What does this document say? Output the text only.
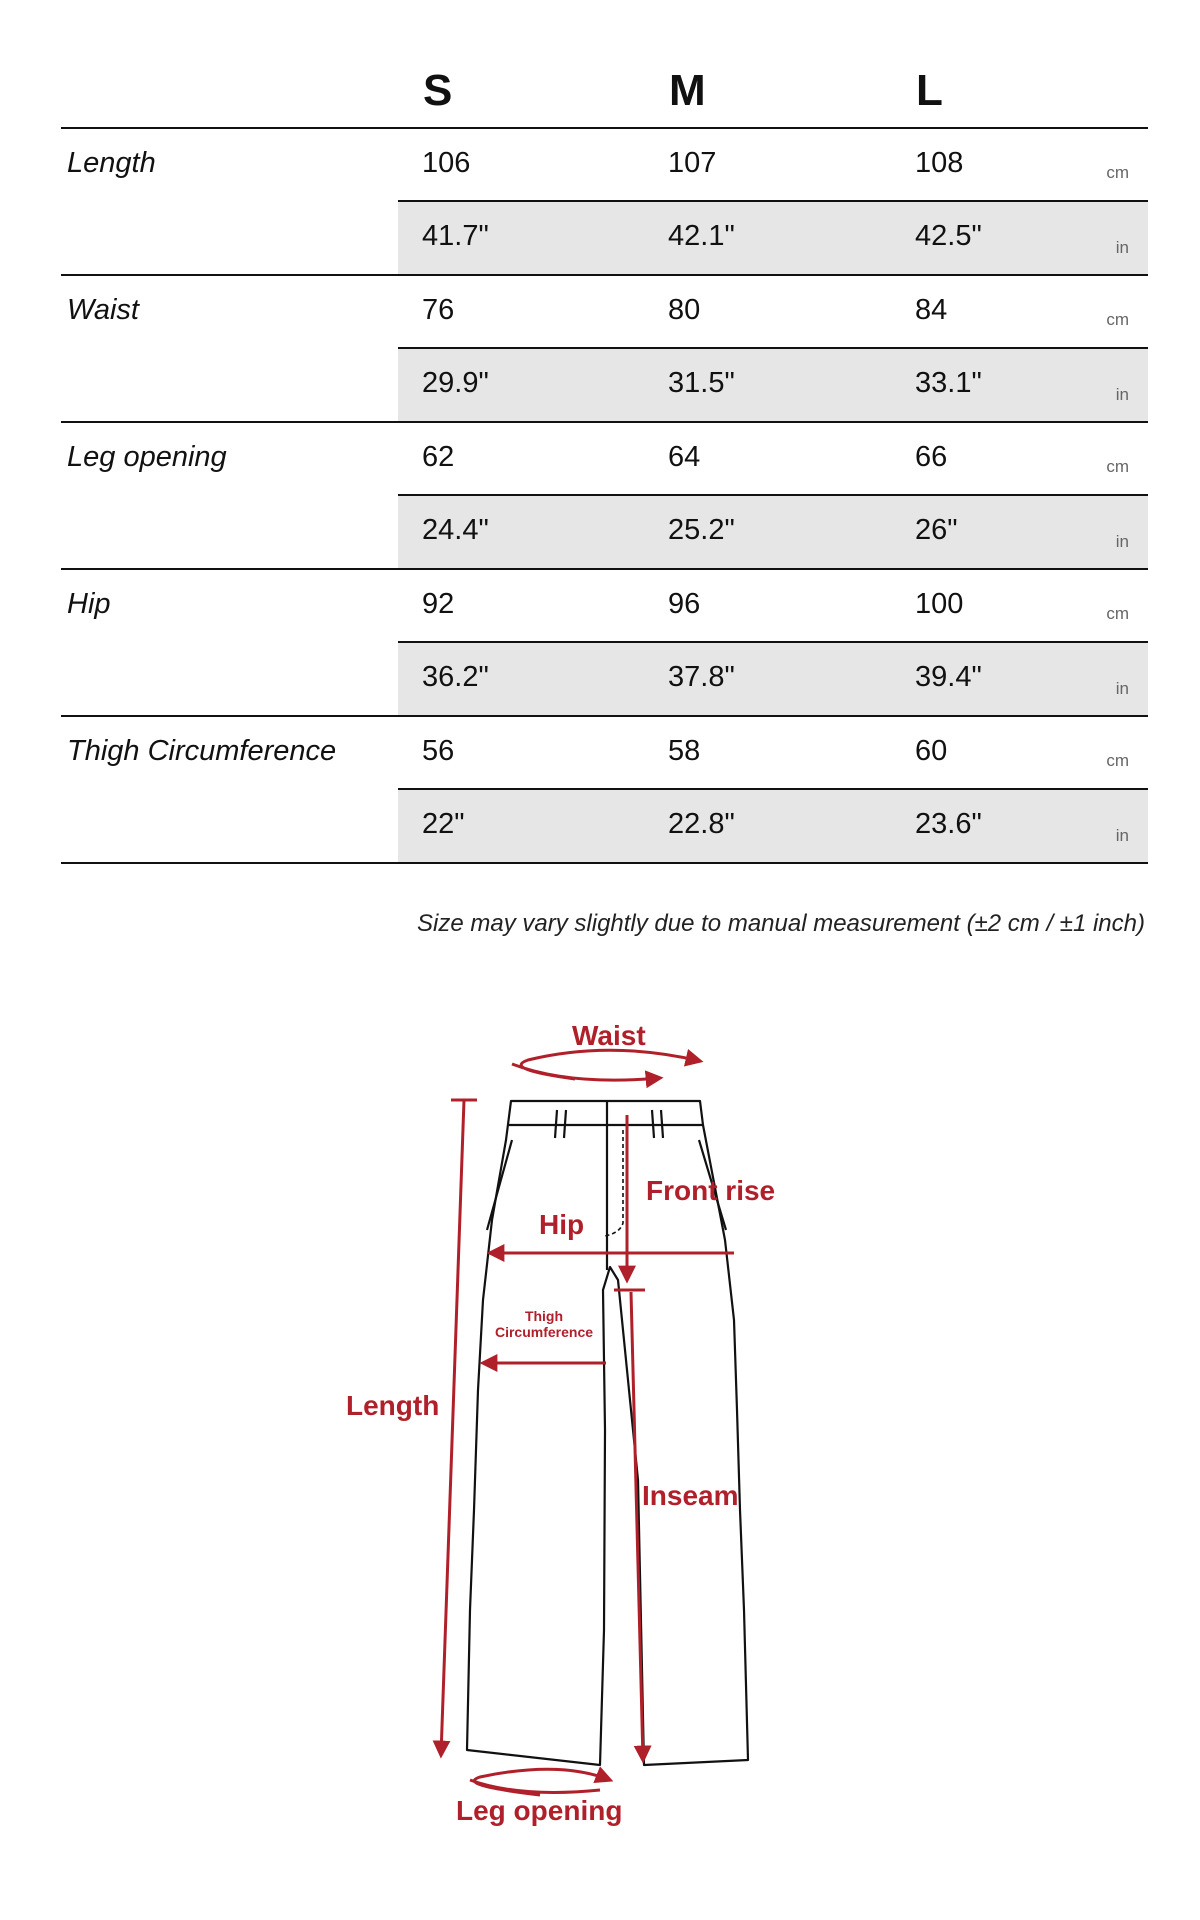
S	M	L
Length	106	107	108	cm
41.7"	42.1"	42.5"	in
Waist	76	80	84	cm
29.9"	31.5"	33.1"	in
Leg opening	62	64	66	cm
24.4"	25.2"	26"	in
Hip	92	96	100	cm
36.2"	37.8"	39.4"	in
Thigh Circumference	56	58	60	cm
22"	22.8"	23.6"	in
Size may vary slightly due to manual measurement (±2 cm / ±1 inch)
Waist
Front rise
Hip
Thigh
Circumference
Length
Inseam
Leg opening
